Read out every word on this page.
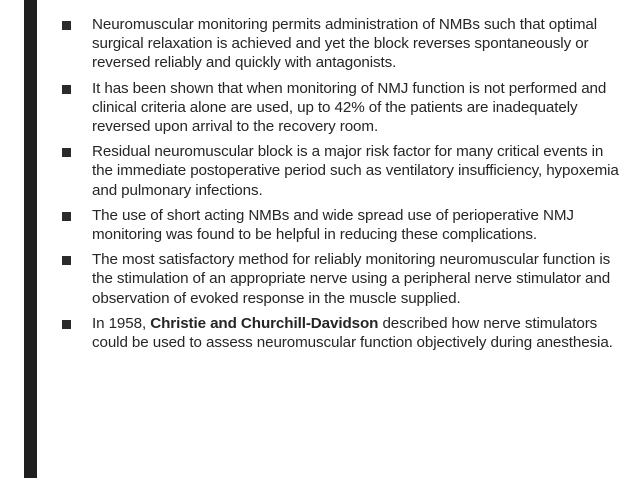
Neuromuscular monitoring permits administration of NMBs such that optimal surgical relaxation is achieved and yet the block reverses spontaneously or reversed reliably and quickly with antagonists.
It has been shown that when monitoring of NMJ function is not performed and clinical criteria alone are used, up to 42% of the patients are inadequately reversed upon arrival to the recovery room.
Residual neuromuscular block is a major risk factor for many critical events in the immediate postoperative period such as ventilatory insufficiency, hypoxemia and pulmonary infections.
The use of short acting NMBs and wide spread use of perioperative NMJ monitoring was found to be helpful in reducing these complications.
The most satisfactory method for reliably monitoring neuromuscular function is the stimulation of an appropriate nerve using a peripheral nerve stimulator and observation of evoked response in the muscle supplied.
In 1958, Christie and Churchill-Davidson described how nerve stimulators could be used to assess neuromuscular function objectively during anesthesia.
